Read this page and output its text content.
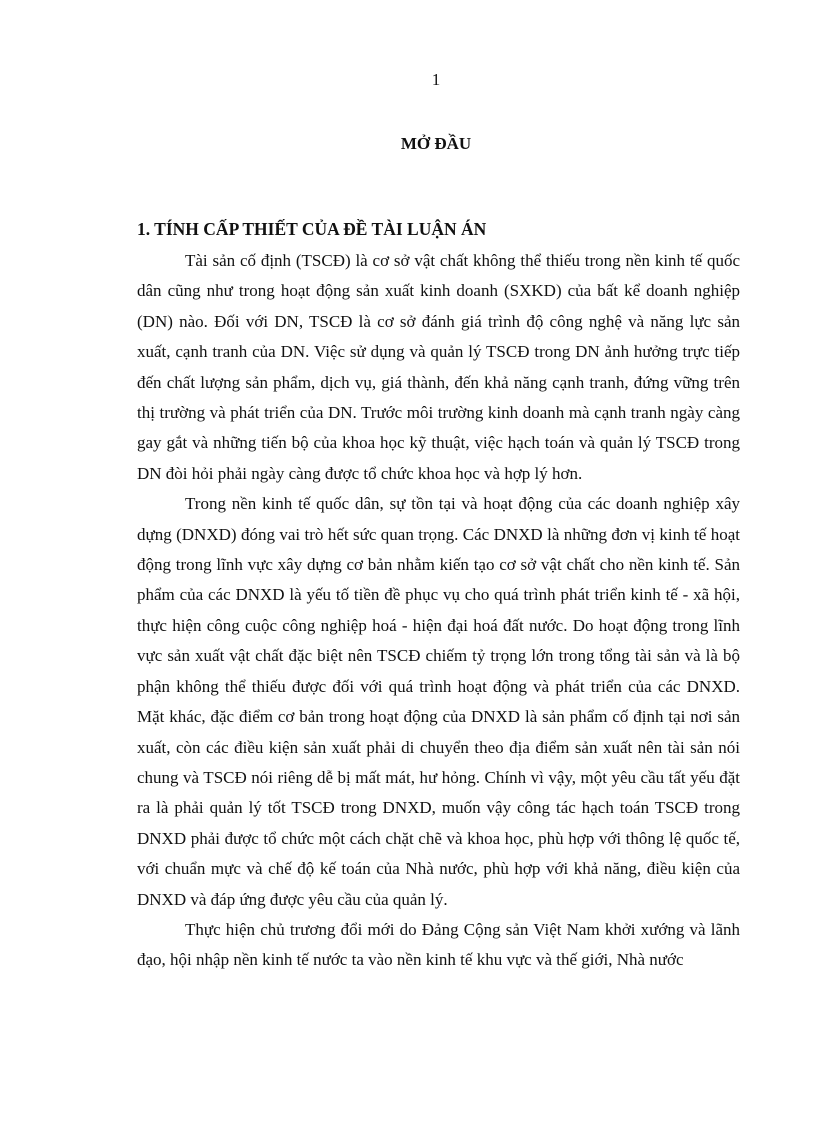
1
MỞ ĐẦU
1. TÍNH CẤP THIẾT CỦA ĐỀ TÀI LUẬN ÁN

Tài sản cố định (TSCĐ) là cơ sở vật chất không thể thiếu trong nền kinh tế quốc dân cũng như trong hoạt động sản xuất kinh doanh (SXKD) của bất kể doanh nghiệp (DN) nào. Đối với DN, TSCĐ là cơ sở đánh giá trình độ công nghệ và năng lực sản xuất, cạnh tranh của DN. Việc sử dụng và quản lý TSCĐ trong DN ảnh hưởng trực tiếp đến chất lượng sản phẩm, dịch vụ, giá thành, đến khả năng cạnh tranh, đứng vững trên thị trường và phát triển của DN. Trước môi trường kinh doanh mà cạnh tranh ngày càng gay gắt và những tiến bộ của khoa học kỹ thuật, việc hạch toán và quản lý TSCĐ trong DN đòi hỏi phải ngày càng được tổ chức khoa học và hợp lý hơn.

Trong nền kinh tế quốc dân, sự tồn tại và hoạt động của các doanh nghiệp xây dựng (DNXD) đóng vai trò hết sức quan trọng. Các DNXD là những đơn vị kinh tế hoạt động trong lĩnh vực xây dựng cơ bản nhằm kiến tạo cơ sở vật chất cho nền kinh tế. Sản phẩm của các DNXD là yếu tố tiền đề phục vụ cho quá trình phát triển kinh tế - xã hội, thực hiện công cuộc công nghiệp hoá - hiện đại hoá đất nước. Do hoạt động trong lĩnh vực sản xuất vật chất đặc biệt nên TSCĐ chiếm tỷ trọng lớn trong tổng tài sản và là bộ phận không thể thiếu được đối với quá trình hoạt động và phát triển của các DNXD. Mặt khác, đặc điểm cơ bản trong hoạt động của DNXD là sản phẩm cố định tại nơi sản xuất, còn các điều kiện sản xuất phải di chuyển theo địa điểm sản xuất nên tài sản nói chung và TSCĐ nói riêng dễ bị mất mát, hư hỏng. Chính vì vậy, một yêu cầu tất yếu đặt ra là phải quản lý tốt TSCĐ trong DNXD, muốn vậy công tác hạch toán TSCĐ trong DNXD phải được tổ chức một cách chặt chẽ và khoa học, phù hợp với thông lệ quốc tế, với chuẩn mực và chế độ kế toán của Nhà nước, phù hợp với khả năng, điều kiện của DNXD và đáp ứng được yêu cầu của quản lý.

Thực hiện chủ trương đổi mới do Đảng Cộng sản Việt Nam khởi xướng và lãnh đạo, hội nhập nền kinh tế nước ta vào nền kinh tế khu vực và thế giới, Nhà nước
